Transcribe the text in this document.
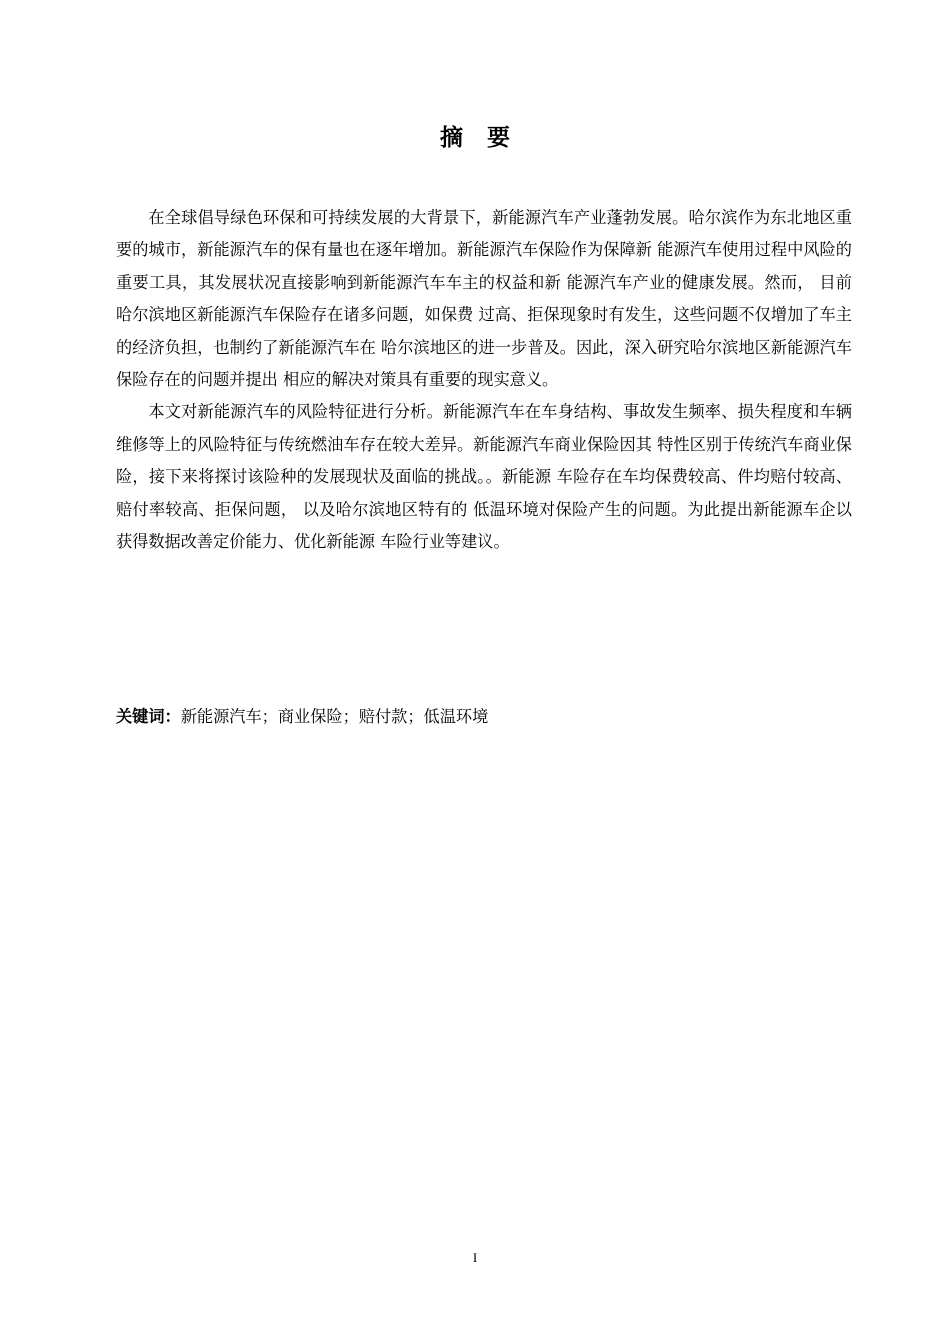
摘要

在全球倡导绿色环保和可持续发展的大背景下，新能源汽车产业蓬勃发展。哈尔滨作为东北地区重要的城市，新能源汽车的保有量也在逐年增加。新能源汽车保险作为保障新 能源汽车使用过程中风险的重要工具，其发展状况直接影响到新能源汽车车主的权益和新 能源汽车产业的健康发展。然而， 目前哈尔滨地区新能源汽车保险存在诸多问题，如保费 过高、拒保现象时有发生，这些问题不仅增加了车主的经济负担，也制约了新能源汽车在 哈尔滨地区的进一步普及。因此，深入研究哈尔滨地区新能源汽车保险存在的问题并提出 相应的解决对策具有重要的现实意义。

本文对新能源汽车的风险特征进行分析。新能源汽车在车身结构、事故发生频率、损失程度和车辆维修等上的风险特征与传统燃油车存在较大差异。新能源汽车商业保险因其 特性区别于传统汽车商业保险，接下来将探讨该险种的发展现状及面临的挑战。。新能源 车险存在车均保费较高、件均赔付较高、赔付率较高、拒保问题， 以及哈尔滨地区特有的 低温环境对保险产生的问题。为此提出新能源车企以获得数据改善定价能力、优化新能源 车险行业等建议。

关键词：新能源汽车；商业保险；赔付款；低温环境
I
